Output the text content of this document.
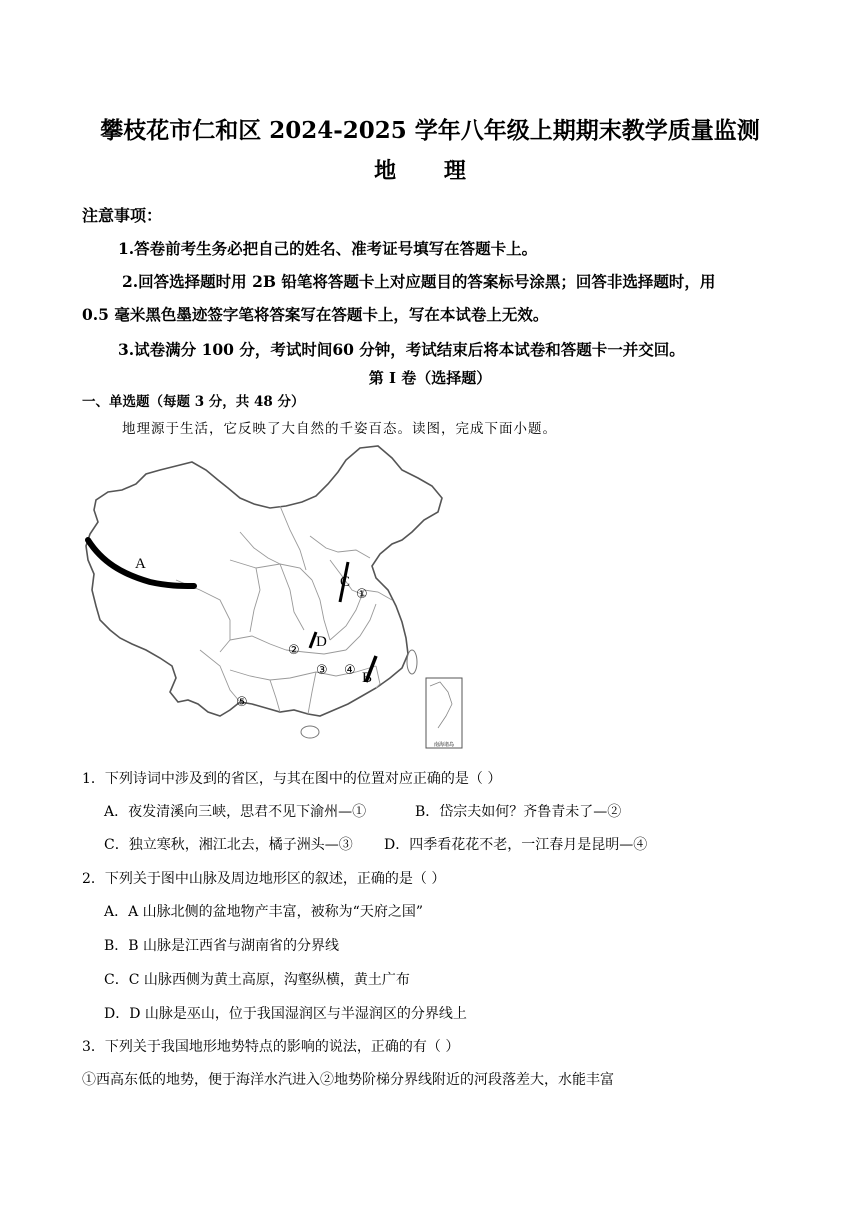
攀枝花市仁和区 2024-2025 学年八年级上期期末教学质量监测
地 理
注意事项：
1.答卷前考生务必把自己的姓名、准考证号填写在答题卡上。
2.回答选择题时用 2B 铅笔将答题卡上对应题目的答案标号涂黑；回答非选择题时，用
0.5 毫米黑色墨迹签字笔将答案写在答题卡上，写在本试卷上无效。
3.试卷满分 100 分，考试时间60 分钟，考试结束后将本试卷和答题卡一并交回。
第 I 卷（选择题）
一、单选题（每题 3 分，共 48 分）
地理源于生活，它反映了大自然的千姿百态。读图，完成下面小题。
南海诸岛
A
C
D
B
①
②
③ ④
⑤
1．下列诗词中涉及到的省区，与其在图中的位置对应正确的是（ ）
A．夜发清溪向三峡，思君不见下渝州—①	B．岱宗夫如何？齐鲁青未了—②
C．独立寒秋，湘江北去，橘子洲头—③ D．四季看花花不老，一江春月是昆明—④
2．下列关于图中山脉及周边地形区的叙述，正确的是（ ）
A．A 山脉北侧的盆地物产丰富，被称为“天府之国”
B．B 山脉是江西省与湖南省的分界线
C．C 山脉西侧为黄土高原，沟壑纵横，黄土广布
D．D 山脉是巫山，位于我国湿润区与半湿润区的分界线上
3．下列关于我国地形地势特点的影响的说法，正确的有（ ）
①西高东低的地势，便于海洋水汽进入②地势阶梯分界线附近的河段落差大，水能丰富
